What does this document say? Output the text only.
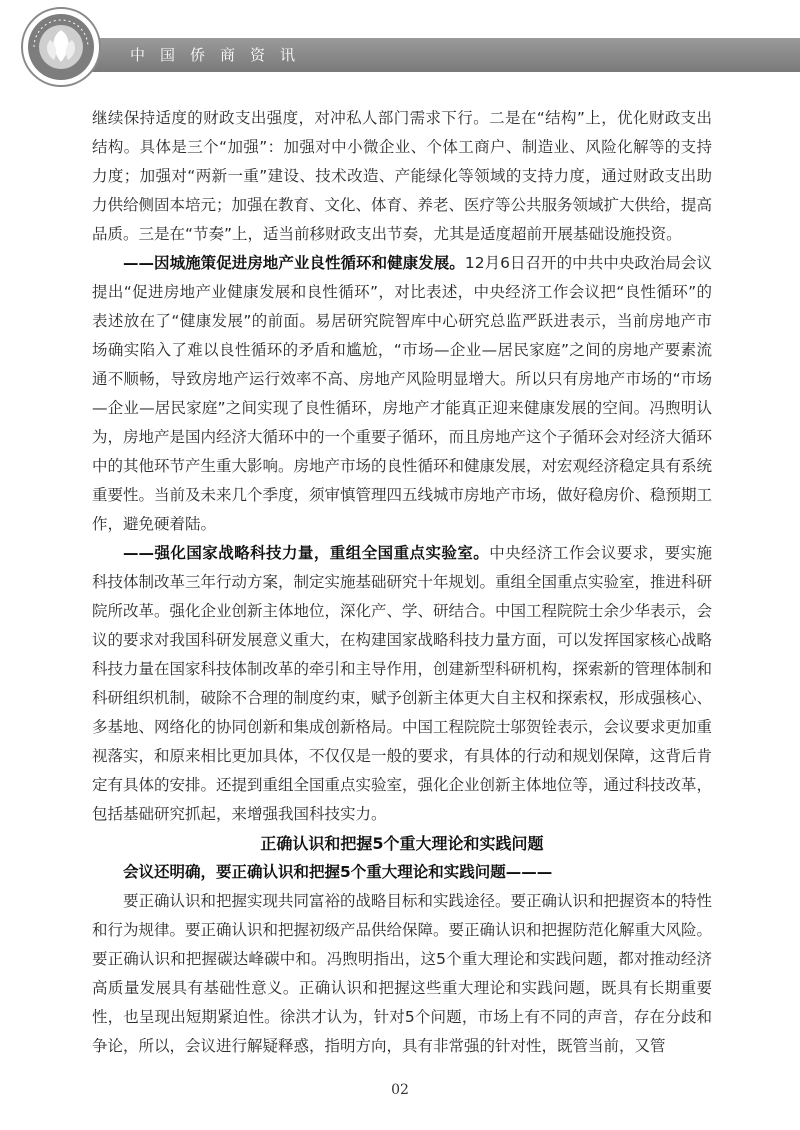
中国侨商资讯

继续保持适度的财政支出强度，对冲私人部门需求下行。二是在“结构”上，优化财政支出结构。具体是三个“加强”：加强对中小微企业、个体工商户、制造业、风险化解等的支持力度；加强对“两新一重”建设、技术改造、产能绿化等领域的支持力度，通过财政支出助力供给侧固本培元；加强在教育、文化、体育、养老、医疗等公共服务领域扩大供给，提高品质。三是在“节奏”上，适当前移财政支出节奏，尤其是适度超前开展基础设施投资。

——因城施策促进房地产业良性循环和健康发展。12月6日召开的中共中央政治局会议提出“促进房地产业健康发展和良性循环”，对比表述，中央经济工作会议把“良性循环”的表述放在了“健康发展”的前面。易居研究院智库中心研究总监严跃进表示，当前房地产市场确实陷入了难以良性循环的矛盾和尴尬，“市场—企业—居民家庭”之间的房地产要素流通不顺畅，导致房地产运行效率不高、房地产风险明显增大。所以只有房地产市场的“市场—企业—居民家庭”之间实现了良性循环，房地产才能真正迎来健康发展的空间。冯煦明认为，房地产是国内经济大循环中的一个重要子循环，而且房地产这个子循环会对经济大循环中的其他环节产生重大影响。房地产市场的良性循环和健康发展，对宏观经济稳定具有系统重要性。当前及未来几个季度，须审慎管理四五线城市房地产市场，做好稳房价、稳预期工作，避免硬着陆。

——强化国家战略科技力量，重组全国重点实验室。中央经济工作会议要求，要实施科技体制改革三年行动方案，制定实施基础研究十年规划。重组全国重点实验室，推进科研院所改革。强化企业创新主体地位，深化产、学、研结合。中国工程院院士余少华表示，会议的要求对我国科研发展意义重大，在构建国家战略科技力量方面，可以发挥国家核心战略科技力量在国家科技体制改革的牵引和主导作用，创建新型科研机构，探索新的管理体制和科研组织机制，破除不合理的制度约束，赋予创新主体更大自主权和探索权，形成强核心、多基地、网络化的协同创新和集成创新格局。中国工程院院士邬贺铨表示，会议要求更加重视落实，和原来相比更加具体，不仅仅是一般的要求，有具体的行动和规划保障，这背后肯定有具体的安排。还提到重组全国重点实验室，强化企业创新主体地位等，通过科技改革，包括基础研究抓起，来增强我国科技实力。

正确认识和把握5个重大理论和实践问题

会议还明确，要正确认识和把握5个重大理论和实践问题———

要正确认识和把握实现共同富裕的战略目标和实践途径。要正确认识和把握资本的特性和行为规律。要正确认识和把握初级产品供给保障。要正确认识和把握防范化解重大风险。要正确认识和把握碳达峰碳中和。冯煦明指出，这5个重大理论和实践问题，都对推动经济高质量发展具有基础性意义。正确认识和把握这些重大理论和实践问题，既具有长期重要性，也呈现出短期紧迫性。徐洪才认为，针对5个问题，市场上有不同的声音，存在分歧和争论，所以，会议进行解疑释惑，指明方向，具有非常强的针对性，既管当前，又管

02
